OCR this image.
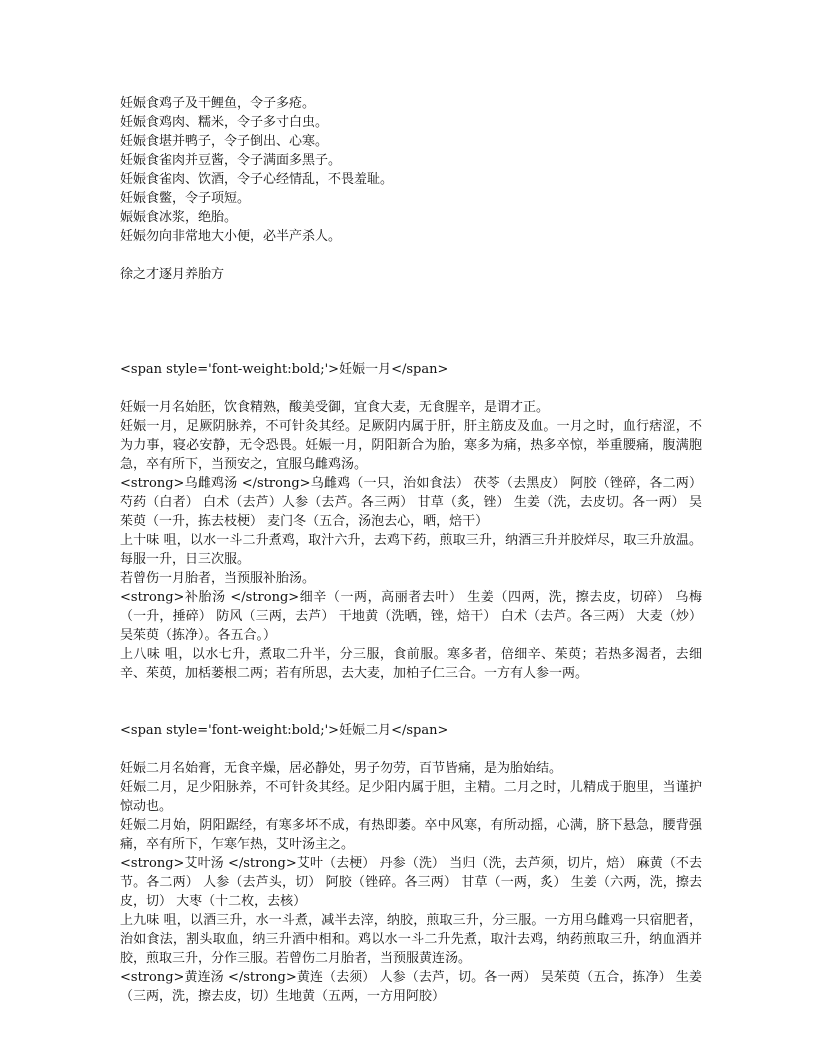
妊娠食鸡子及干鲤鱼，令子多疮。
妊娠食鸡肉、糯米，令子多寸白虫。
妊娠食堪并鸭子，令子倒出、心寒。
妊娠食雀肉并豆酱，令子满面多黑子。
妊娠食雀肉、饮酒，令子心经情乱，不畏羞耻。
妊娠食鳖，令子项短。
娠娠食冰浆，绝胎。
妊娠勿向非常地大小便，必半产杀人。
徐之才逐月养胎方
<span style='font-weight:bold;'>妊娠一月</span>
妊娠一月名始胚，饮食精熟，酸美受御，宜食大麦，无食腥辛，是谓才正。
妊娠一月，足厥阴脉养，不可针灸其经。足厥阴内属于肝，肝主筋皮及血。一月之时，血行痞涩，不为力事，寝必安静，无令恐畏。妊娠一月，阴阳新合为胎，寒多为痛，热多卒惊，举重腰痛，腹满胞急，卒有所下，当预安之，宜服乌雌鸡汤。
<strong>乌雌鸡汤 </strong>乌雌鸡（一只，治如食法） 茯苓（去黑皮） 阿胶（锉碎，各二两） 芍药（白者） 白术（去芦）人参（去芦。各三两） 甘草（炙，锉） 生姜（洗，去皮切。各一两） 吴茱萸（一升，拣去枝梗） 麦门冬（五合，汤泡去心，晒，焙干）
上十味 咀，以水一斗二升煮鸡，取汁六升，去鸡下药，煎取三升，纳酒三升并胶烊尽，取三升放温。每服一升，日三次服。
若曾伤一月胎者，当预服补胎汤。
<strong>补胎汤 </strong>细辛（一两，高丽者去叶） 生姜（四两，洗，擦去皮，切碎） 乌梅（一升，捶碎） 防风（三两，去芦） 干地黄（洗晒，锉，焙干） 白术（去芦。各三两） 大麦（炒） 吴茱萸（拣净）。各五合。）
上八味 咀，以水七升，煮取二升半，分三服，食前服。寒多者，倍细辛、茱萸；若热多渴者，去细辛、茱萸，加栝蒌根二两；若有所思，去大麦，加柏子仁三合。一方有人参一两。
<span style='font-weight:bold;'>妊娠二月</span>
妊娠二月名始膏，无食辛燥，居必静处，男子勿劳，百节皆痛，是为胎始结。
妊娠二月，足少阳脉养，不可针灸其经。足少阳内属于胆，主精。二月之时，儿精成于胞里，当谨护惊动也。
妊娠二月始，阴阳踞经，有寒多坏不成，有热即萎。卒中风寒，有所动摇，心满，脐下悬急，腰背强痛，卒有所下，乍寒乍热，艾叶汤主之。
<strong>艾叶汤 </strong>艾叶（去梗） 丹参（洗） 当归（洗，去芦须，切片，焙） 麻黄（不去节。各二两） 人参（去芦头，切） 阿胶（锉碎。各三两） 甘草（一两，炙） 生姜（六两，洗，擦去皮，切） 大枣（十二枚，去核）
上九味 咀，以酒三升，水一斗煮，减半去滓，纳胶，煎取三升，分三服。一方用乌雌鸡一只宿肥者，治如食法，割头取血，纳三升酒中相和。鸡以水一斗二升先煮，取汁去鸡，纳药煎取三升，纳血酒并胶，煎取三升，分作三服。若曾伤二月胎者，当预服黄连汤。
<strong>黄连汤 </strong>黄连（去须） 人参（去芦，切。各一两） 吴茱萸（五合，拣净） 生姜（三两，洗，擦去皮，切）生地黄（五两，一方用阿胶）
